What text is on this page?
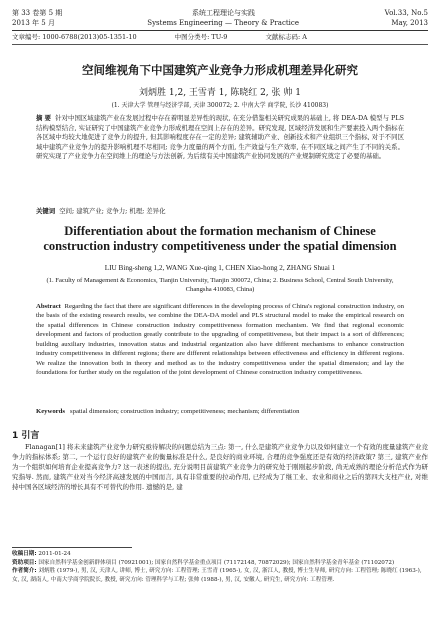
第 33 卷第 5 期	系统工程理论与实践	Vol.33, No.5
2013 年 5 月	Systems Engineering — Theory & Practice	May, 2013
文章编号: 1000-6788(2013)05-1351-10	中图分类号: TU-9	文献标志码: A
空间维视角下中国建筑产业竞争力形成机理差异化研究
刘炳胜 1,2, 王雪青 1, 陈晓红 2, 张 帅 1
(1. 天津大学 管理与经济学部, 天津 300072; 2. 中南大学 商学院, 长沙 410083)
摘 要 针对中国区域建筑产业在发展过程中存在着明显差异性的现状, 在充分借鉴相关研究成果的基础上, 将 DEA-DA 模型与 PLS 结构模型结合, 实证研究了中国建筑产业竞争力形成机理在空间上存在的差异。研究发现, 区域经济发展和生产要素投入两个指标在各区域中均较大地促进了竞争力的提升, 但其影响程度存在一定的差异; 建筑辅助产业、创新技术和产业组织三个指标, 对于不同区域中建筑产业竞争力的提升影响机理不尽相同; 竞争力度量的两个方面, 生产效益与生产效率, 在不同区域之间产生了不同的关系。研究实现了产业竞争力在空间维上的理论与方法创新, 为后续有关中国建筑产业协同发展的产业规制研究奠定了必要的基础。
关键词 空间; 建筑产业; 竞争力; 机理; 差异化
Differentiation about the formation mechanism of Chinese construction industry competitiveness under the spatial dimension
LIU Bing-sheng 1,2, WANG Xue-qing 1, CHEN Xiao-hong 2, ZHANG Shuai 1
(1. Faculty of Management & Economics, Tianjin University, Tianjin 300072, China; 2. Business School, Central South University, Changsha 410083, China)
Abstract Regarding the fact that there are significant differences in the developing process of China's regional construction industry, on the basis of the existing research results, we combine the DEA-DA model and PLS structural model to make the empirical research on the spatial differences in Chinese construction industry competitiveness formation mechanism. We find that regional economic development and factors of production greatly contribute to the upgrading of competitiveness, but their impact is a sort of differences; building auxiliary industries, innovation status and industrial organization also have different mechanisms to enhance construction industry competitiveness in different regions; there are different relationships between effectiveness and efficiency in different regions. We realize the innovation both in theory and method as to the industry competitiveness under the spatial dimension; and lay the foundations for further study on the regulation of the joint development of Chinese construction industry competitiveness.
Keywords spatial dimension; construction industry; competitiveness; mechanism; differentiation
1 引言
Flanagan[1] 将未来建筑产业竞争力研究亟待解决的问题总结为三点: 第一, 什么是建筑产业竞争力以及如何建立一个有效的度量建筑产业竞争力的指标体系; 第二, 一个运行良好的建筑产业的衡量标准是什么, 是良好的商业环境, 合理的竞争强度还是有效的经济政策? 第三, 建筑产业作为一个组织如何培育企业提高竞争力? 这一表述的提出, 充分说明目前建筑产业竞争力的研究处于刚刚起步阶段, 尚无成熟的理论分析范式作为研究指导. 然而, 建筑产业对当今经济高速发展的中国而言, 具有非常重要的拉动作用, 已经成为了继工业、农业和商业之后的第四大支柱产业, 对维持中国各区域经济的增长具有不可替代的作用. 遗憾的是, 建
收稿日期: 2011-01-24
资助项目: 国家自然科学基金创新群体项目 (70921001); 国家自然科学基金重点项目 (71172148, 70872029); 国家自然科学基金青年基金 (71102072)
作者简介: 刘炳胜 (1979-), 男, 汉, 天津人, 讲师, 博士, 研究方向: 工程管理; 王雪青 (1965-), 女, 汉, 浙江人, 教授, 博士生导师, 研究方向: 工程管理; 陈晓红 (1963-), 女, 汉, 湖南人, 中南大学商学院院长, 教授, 研究方向: 管理科学与工程; 张帅 (1988-), 男, 汉, 安徽人, 研究生, 研究方向: 工程管理.
